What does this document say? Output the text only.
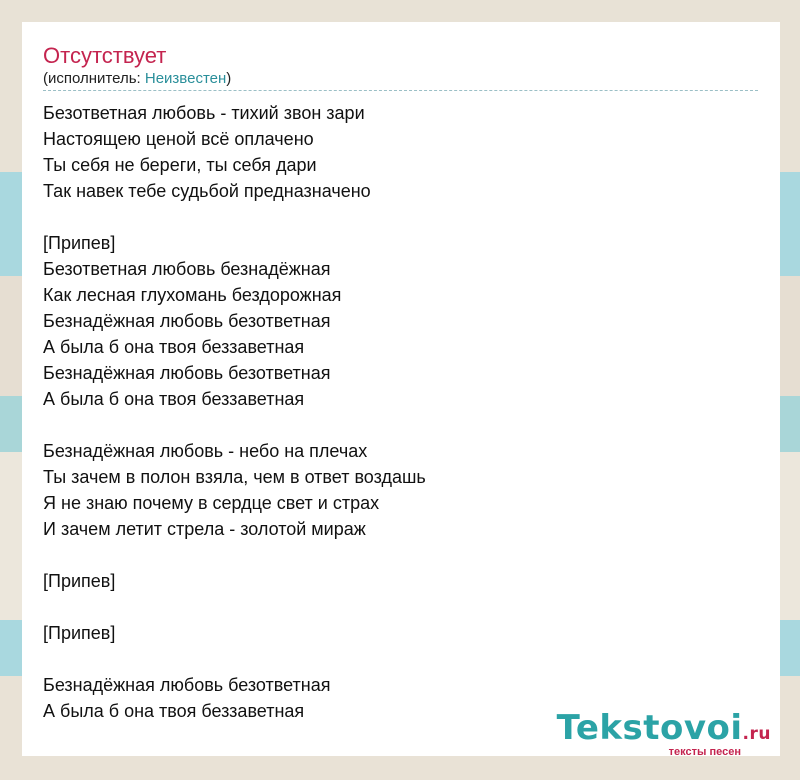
Отсутствует
(исполнитель: Неизвестен)
Безответная любовь - тихий звон зари
Настоящею ценой всё оплачено
Ты себя не береги, ты себя дари
Так навек тебе судьбой предназначено
[Припев]
Безответная любовь безнадёжная
Как лесная глухомань бездорожная
Безнадёжная любовь безответная
А была б она твоя беззаветная
Безнадёжная любовь безответная
А была б она твоя беззаветная
Безнадёжная любовь - небо на плечах
Ты зачем в полон взяла, чем в ответ воздашь
Я не знаю почему в сердце свет и страх
И зачем летит стрела - золотой мираж
[Припев]
[Припев]
Безнадёжная любовь безответная
А была б она твоя беззаветная	Tekstovoi.ru
тексты песен
